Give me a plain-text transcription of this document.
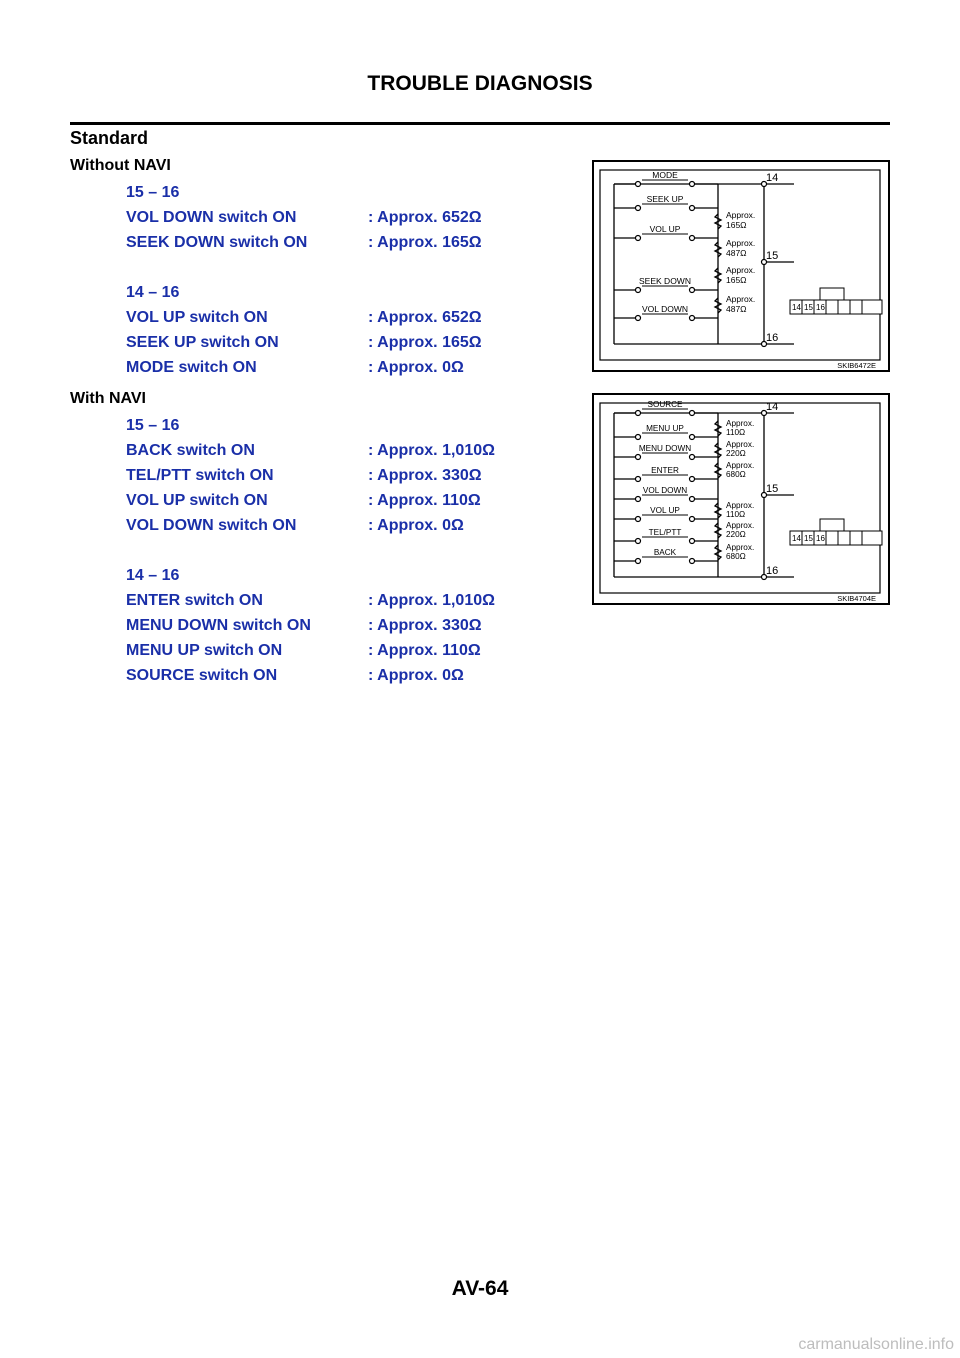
TROUBLE DIAGNOSIS
Standard
Without NAVI
15 – 16
VOL DOWN switch ON	: Approx. 652Ω
SEEK DOWN switch ON	: Approx. 165Ω
14 – 16
VOL UP switch ON	: Approx. 652Ω
SEEK UP switch ON	: Approx. 165Ω
MODE switch ON	: Approx. 0Ω
With NAVI
15 – 16
BACK switch ON	: Approx. 1,010Ω
TEL/PTT switch ON	: Approx. 330Ω
VOL UP switch ON	: Approx. 110Ω
VOL DOWN switch ON	: Approx. 0Ω
14 – 16
ENTER switch ON	: Approx. 1,010Ω
MENU DOWN switch ON	: Approx. 330Ω
MENU UP switch ON	: Approx. 110Ω
SOURCE switch ON	: Approx. 0Ω
MODE
SEEK UP
VOL UP
SEEK DOWN
VOL DOWN
Approx.
165Ω
Approx.
487Ω
Approx.
165Ω
Approx.
487Ω
14
15
16
14 15 16
SKIB6472E
SOURCE
MENU UP
MENU DOWN
ENTER
VOL DOWN
VOL UP
TEL/PTT
BACK
Approx.
110Ω
Approx.
220Ω
Approx.
680Ω
Approx.
110Ω
Approx.
220Ω
Approx.
680Ω
14
15
16
14 15 16
SKIB4704E
AV-64
carmanualsonline.info
